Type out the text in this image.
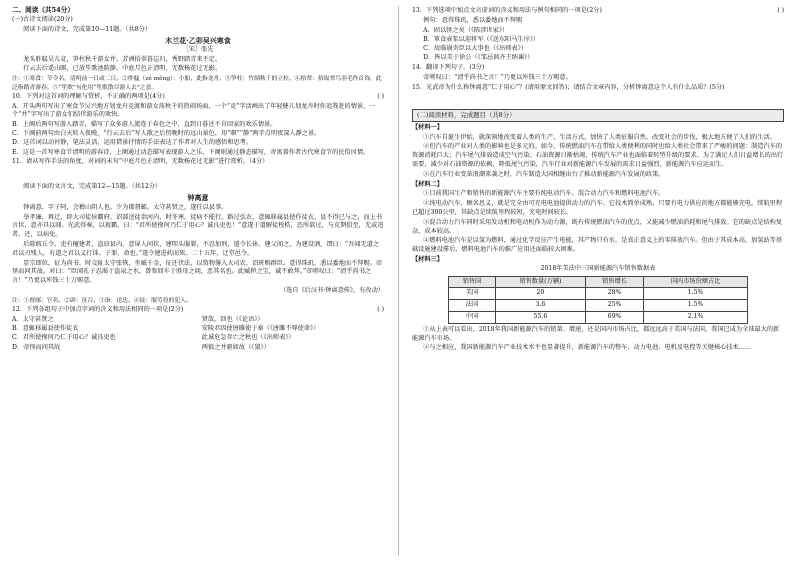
二、阅读（共54分）
(一)古诗文阅读(20分)
阅读下面的诗文，完成第10—11题。（共8分）
木兰花·乙卯吴兴寒食
［宋］张先
龙头舴艋吴儿竞，笋柱秋千游女并。芳洲拾翠暮忘归，秀野踏青来不定。
行云去后遥山暝，已放笙歌池院静。中庭月色正清明，无数杨花过无影。
注：①寒食：节令名，清明前一日或二日。②舴艋（zé měng）：小船，此指龙舟。③笋柱：竹制秋千的立柱。④拾翠：拾取翠鸟羽毛作首饰，此泛指踏青游春。⑤“笙歌”句化用“笙歌散尽游人去”之意。
10．下列对这首词的理解与赏析，不正确的两项是(4分)	( )
A．开头两句写出了寒食节吴兴地方划龙舟竞渡和游女荡秋千的热闹场面，一个“竞”字活画出了年轻健儿划龙舟时你追我赶的情景，一个“并”字写出了游女们结伴游乐的欢快。
B．上阕后两句写游人踏青，描写了众多游人流连于春色之中，直到日暮还不肯回家的欢乐情景。
C．下阕前两句由白天转入夜晚，“行云去后”写人散之后傍晚时的远山景色，用“暝”“静”两字点明夜深人静之景。
D．这首词以动衬静，笔法灵活，运用借景抒情的手法表达了作者对人生的感悟和思考。
E．这是一首写寒食节清明的游春诗，上阕通过动态描写表现游人之乐，下阕则通过静态描写，寄寓着作者古代寒食节的民俗风情。
11．请从写作手法的角度，对词的末句“中庭月色正清明，无数杨花过无影”进行赏析。（4分）
阅读下面的文言文，完成第12—15题。（共12分）
钟离意
钟离意，字子阿，会稽山阴人也。少为郡督邮。太守甚贤之，遂任以县事。
举孝廉，再迁，辟大司徒侯霸府。诏部送徒诣河内，时冬寒，徒病不能行。路过弘农，意辄移属县使作徒衣，县不得已与之，而上书言状，意亦具以闻。光武得奏，以视霸，曰：“君所使掾何乃仁于用心？诚良吏也！”意遂于道解徒桎梏，恣所欲过，与克期俱至，无或违者。还，以病免。
后除瑕丘令。吏有檀建者，盗窃县内，意屏人问状，建叩头服罪，不忍加刑，遣令长休。建父闻之，为建设酒，谓曰：“吾闻无道之君以刃残人，有道之君以义行诛。子罪，命也。”遂令建进药而死。二十五年，迁堂邑令。
显宗即位，征为尚书。时交阯太守张恢，坐臧千金，征还伏法，以资物簿入大司农，诏班赐群臣。意得珠玑，悉以委地而不拜赐。帝怪而问其故。对曰：“臣闻孔子忍渴于盗泉之水，曾参回车于胜母之闾，恶其名也。此臧秽之宝，诚不敢拜。”帝嗟叹曰：“清乎尚书之言！”乃更以库钱三十万赐意。
（选自《后汉书·钟离意传》，有改动）
注：①督邮：官名。②辟：征召。③诣：送达。④徒：服劳役的犯人。
12．下列各组句子中加点字词的含义和用法相同的一项是(2分)	( )
A．太守甚贤之	贤哉，回也（《论语》）
B．意辄移属县使作徒衣	安陵君因使唐雎使于秦（《唐雎不辱使命》）
C．君所使掾何乃仁于用心？诚良吏也	此诚危急存亡之秋也（《出师表》）
D．帝怪而问其故	两狼之并驱如故（《狼》）
13．下列选项中加点文言虚词的含义和用法与例句相同的一项是(2分)	( )
例句：意得珠玑，悉以委地而不拜赐
A．固以怪之矣（《陈涉世家》）
B．箪食壶浆以迎将军（《送东阳马生序》）
C．故临崩寄臣以大事也（《出师表》）
D．皆以美于徐公（《邹忌讽齐王纳谏》）
14．翻译下列句子。(3分)
帝嗟叹曰：“清乎尚书之言！”乃更以库钱三十万赐意。
15．光武帝为什么称钟离意“仁于用心”？(请用原文回答)；请结合文章内容，分析钟离意这个人有什么品质？(5分)
(二)阅读材料，完成题目（共8分）
【材料一】
①汽车自诞生伊始，就深刻地改变着人类的生产、生活方式，加快了人类征服自然、改变社会的步伐，极大地方便了人们的生活。
②但汽车的产业对人类的影响也是多元的。如今，传统燃油汽车在带给人类便利的同时也给人类社会带来了严峻的问题：制造汽车的资源消耗巨大；汽车尾气排放造成空气污染；石油资源日渐枯竭，传统汽车产业也面临着转型升级的要求。为了满足人们日益增长的出行需要，减少对石油资源的依赖，降低尾气污染，汽车行业对新能源汽车发展的需求日益强烈，新能源汽车应运而生。
③在汽车行业变革浪潮来袭之时，汽车制造大国相继出台了推动新能源汽车发展的政策。
【材料二】
①目前我国生产和销售的新能源汽车主要有纯电动汽车、混合动力汽车和燃料电池汽车。
②纯电动汽车，顾名思义，就是完全由可充电电池提供动力的汽车。它技术简单成熟，只要有电力供应的地方都能够充电。续航里程已超过300公里，其缺点是续航里程较短，充电时间较长。
③混合动力汽车同时采用发动机和电动机作为动力源，既有传统燃油汽车的优点，又能减少燃油消耗和尾气排放。它的缺点是结构复杂，成本较高。
④燃料电池汽车是以氢为燃料，通过化学反应产生电能，其产物只有水，是真正意义上的零排放汽车。但由于其成本高，加氢站等基础设施建设滞后，燃料电池汽车的推广应用还面临较大困难。
【材料三】
2018年美法中三国新能源汽车销售数据表
销售国	销售数量(万辆)	销售增长	国内市场份额占比
美国	20	28%	1.5%
法国	3.6	25%	1.5%
中国	55.6	69%	2.1%
①从上表可以看出，2018年我国新能源汽车的销量、增速，还是国内市场占比，都远远高于美国与法国，我国已成为全球最大的新能源汽车市场。
②与之相应，我国新能源汽车产业技术水平也显著提升，新能源汽车的整车、动力电池、电机及电控等关键核心技术……
